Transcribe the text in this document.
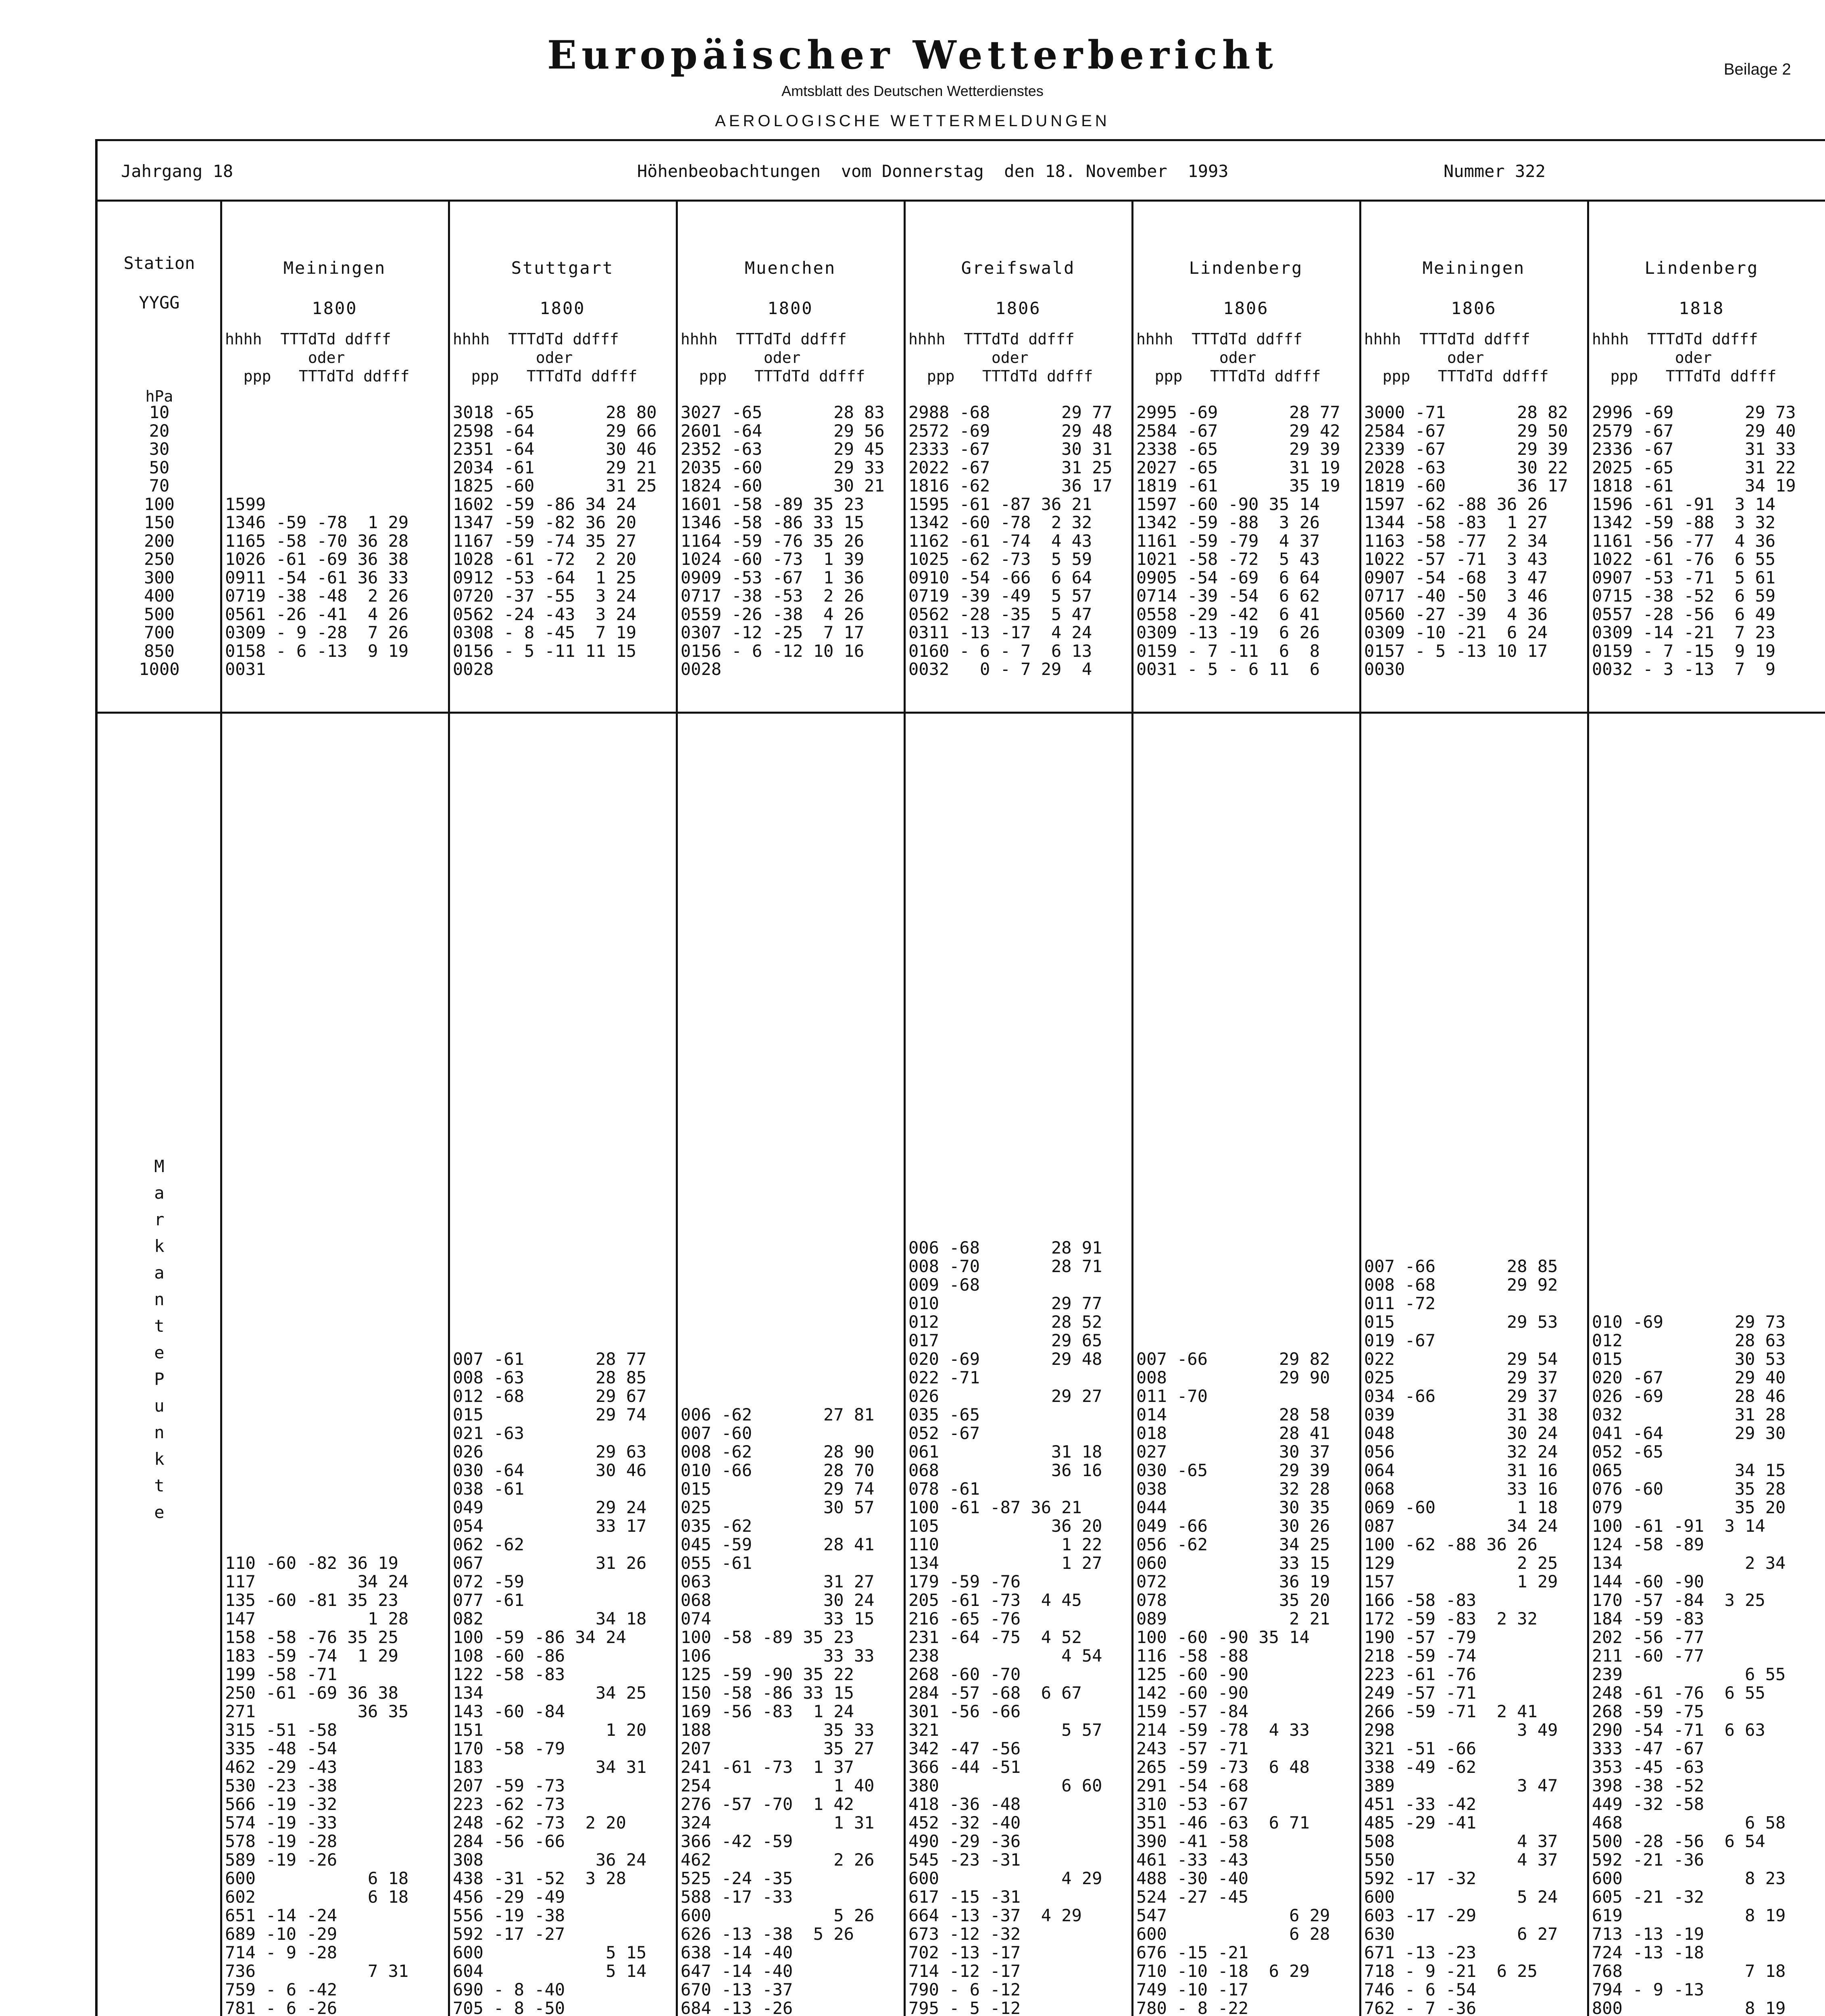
Europäischer Wetterbericht
Amtsblatt des Deutschen Wetterdienstes
AEROLOGISCHE WETTERMELDUNGEN
Beilage 2
Jahrgang 18	Höhenbeobachtungen  vom Donnerstag  den 18. November  1993	Nummer 322
Station
YYGG
hPa
10
20
30
50
70
100
150
200
250
300
400
500
700
850
1000
M a r k a n t e P u n k t e
Meiningen
1800
hhhh  TTTdTd ddfff
oder
ppp   TTTdTd ddfff

1599
1346 -59 -78  1 29
1165 -58 -70 36 28
1026 -61 -69 36 38
0911 -54 -61 36 33
0719 -38 -48  2 26
0561 -26 -41  4 26
0309 - 9 -28  7 26
0158 - 6 -13  9 19
0031
110 -60 -82 36 19
117          34 24
135 -60 -81 35 23
147           1 28
158 -58 -76 35 25
183 -59 -74  1 29
199 -58 -71
250 -61 -69 36 38
271          36 35
315 -51 -58
335 -48 -54
462 -29 -43
530 -23 -38
566 -19 -32
574 -19 -33
578 -19 -28
589 -19 -26
600           6 18
602           6 18
651 -14 -24
689 -10 -29
714 - 9 -28
736           7 31
759 - 6 -42
781 - 6 -26

Stuttgart
1800
hhhh  TTTdTd ddfff
oder
ppp   TTTdTd ddfff
3018 -65       28 80
2598 -64       29 66
2351 -64       30 46
2034 -61       29 21
1825 -60       31 25
1602 -59 -86 34 24
1347 -59 -82 36 20
1167 -59 -74 35 27
1028 -61 -72  2 20
0912 -53 -64  1 25
0720 -37 -55  3 24
0562 -24 -43  3 24
0308 - 8 -45  7 19
0156 - 5 -11 11 15
0028
007 -61       28 77
008 -63       28 85
012 -68       29 67
015           29 74
021 -63
026           29 63
030 -64       30 46
038 -61
049           29 24
054           33 17
062 -62
067           31 26
072 -59
077 -61
082           34 18
100 -59 -86 34 24
108 -60 -86
122 -58 -83
134           34 25
143 -60 -84
151            1 20
170 -58 -79
183           34 31
207 -59 -73
223 -62 -73
248 -62 -73  2 20
284 -56 -66
308           36 24
438 -31 -52  3 28
456 -29 -49
556 -19 -38
592 -17 -27
600            5 15
604            5 14
690 - 8 -40
705 - 8 -50

Muenchen
1800
hhhh  TTTdTd ddfff
oder
ppp   TTTdTd ddfff
3027 -65       28 83
2601 -64       29 56
2352 -63       29 45
2035 -60       29 33
1824 -60       30 21
1601 -58 -89 35 23
1346 -58 -86 33 15
1164 -59 -76 35 26
1024 -60 -73  1 39
0909 -53 -67  1 36
0717 -38 -53  2 26
0559 -26 -38  4 26
0307 -12 -25  7 17
0156 - 6 -12 10 16
0028
006 -62       27 81
007 -60
008 -62       28 90
010 -66       28 70
015           29 74
025           30 57
035 -62
045 -59       28 41
055 -61
063           31 27
068           30 24
074           33 15
100 -58 -89 35 23
106           33 33
125 -59 -90 35 22
150 -58 -86 33 15
169 -56 -83  1 24
188           35 33
207           35 27
241 -61 -73  1 37
254            1 40
276 -57 -70  1 42
324            1 31
366 -42 -59
462            2 26
525 -24 -35
588 -17 -33
600            5 26
626 -13 -38  5 26
638 -14 -40
647 -14 -40
670 -13 -37
684 -13 -26

Greifswald
1806
hhhh  TTTdTd ddfff
oder
ppp   TTTdTd ddfff
2988 -68       29 77
2572 -69       29 48
2333 -67       30 31
2022 -67       31 25
1816 -62       36 17
1595 -61 -87 36 21
1342 -60 -78  2 32
1162 -61 -74  4 43
1025 -62 -73  5 59
0910 -54 -66  6 64
0719 -39 -49  5 57
0562 -28 -35  5 47
0311 -13 -17  4 24
0160 - 6 - 7  6 13
0032   0 - 7 29  4
006 -68       28 91
008 -70       28 71
009 -68
010           29 77
012           28 52
017           29 65
020 -69       29 48
022 -71
026           29 27
035 -65
052 -67
061           31 18
068           36 16
078 -61
100 -61 -87 36 21
105           36 20
110            1 22
134            1 27
179 -59 -76
205 -61 -73  4 45
216 -65 -76
231 -64 -75  4 52
238            4 54
268 -60 -70
284 -57 -68  6 67
301 -56 -66
321            5 57
342 -47 -56
366 -44 -51
380            6 60
418 -36 -48
452 -32 -40
490 -29 -36
545 -23 -31
600            4 29
617 -15 -31
664 -13 -37  4 29
673 -12 -32
702 -13 -17
714 -12 -17
790 - 6 -12
795 - 5 -12

Lindenberg
1806
hhhh  TTTdTd ddfff
oder
ppp   TTTdTd ddfff
2995 -69       28 77
2584 -67       29 42
2338 -65       29 39
2027 -65       31 19
1819 -61       35 19
1597 -60 -90 35 14
1342 -59 -88  3 26
1161 -59 -79  4 37
1021 -58 -72  5 43
0905 -54 -69  6 64
0714 -39 -54  6 62
0558 -29 -42  6 41
0309 -13 -19  6 26
0159 - 7 -11  6  8
0031 - 5 - 6 11  6
007 -66       29 82
008           29 90
011 -70
014           28 58
018           28 41
027           30 37
030 -65       29 39
038           32 28
044           30 35
049 -66       30 26
056 -62       34 25
060           33 15
072           36 19
078           35 20
089            2 21
100 -60 -90 35 14
116 -58 -88
125 -60 -90
142 -60 -90
159 -57 -84
214 -59 -78  4 33
243 -57 -71
265 -59 -73  6 48
291 -54 -68
310 -53 -67
351 -46 -63  6 71
390 -41 -58
461 -33 -43
488 -30 -40
524 -27 -45
547            6 29
600            6 28
676 -15 -21
710 -10 -18  6 29
749 -10 -17
780 - 8 -22

Meiningen
1806
hhhh  TTTdTd ddfff
oder
ppp   TTTdTd ddfff
3000 -71       28 82
2584 -67       29 50
2339 -67       29 39
2028 -63       30 22
1819 -60       36 17
1597 -62 -88 36 26
1344 -58 -83  1 27
1163 -58 -77  2 34
1022 -57 -71  3 43
0907 -54 -68  3 47
0717 -40 -50  3 46
0560 -27 -39  4 36
0309 -10 -21  6 24
0157 - 5 -13 10 17
0030
007 -66       28 85
008 -68       29 92
011 -72
015           29 53
019 -67
022           29 54
025           29 37
034 -66       29 37
039           31 38
048           30 24
056           32 24
064           31 16
068           33 16
069 -60        1 18
087           34 24
100 -62 -88 36 26
129            2 25
157            1 29
166 -58 -83
172 -59 -83  2 32
190 -57 -79
218 -59 -74
223 -61 -76
249 -57 -71
266 -59 -71  2 41
298            3 49
321 -51 -66
338 -49 -62
389            3 47
451 -33 -42
485 -29 -41
508            4 37
550            4 37
592 -17 -32
600            5 24
603 -17 -29
630            6 27
671 -13 -23
718 - 9 -21  6 25
746 - 6 -54
762 - 7 -36

Lindenberg
1818
hhhh  TTTdTd ddfff
oder
ppp   TTTdTd ddfff
2996 -69       29 73
2579 -67       29 40
2336 -67       31 33
2025 -65       31 22
1818 -61       34 19
1596 -61 -91  3 14
1342 -59 -88  3 32
1161 -56 -77  4 36
1022 -61 -76  6 55
0907 -53 -71  5 61
0715 -38 -52  6 59
0557 -28 -56  6 49
0309 -14 -21  7 23
0159 - 7 -15  9 19
0032 - 3 -13  7  9
010 -69       29 73
012           28 63
015           30 53
020 -67       29 40
026 -69       28 46
032           31 28
041 -64       29 30
052 -65
065           34 15
076 -60       35 28
079           35 20
100 -61 -91  3 14
124 -58 -89
134            2 34
144 -60 -90
170 -57 -84  3 25
184 -59 -83
202 -56 -77
211 -60 -77
239            6 55
248 -61 -76  6 55
268 -59 -75
290 -54 -71  6 63
333 -47 -67
353 -45 -63
398 -38 -52
449 -32 -58
468            6 58
500 -28 -56  6 54
592 -21 -36
600            8 23
605 -21 -32
619            8 19
713 -13 -19
724 -13 -18
768            7 18
794 - 9 -13
800            8 19
